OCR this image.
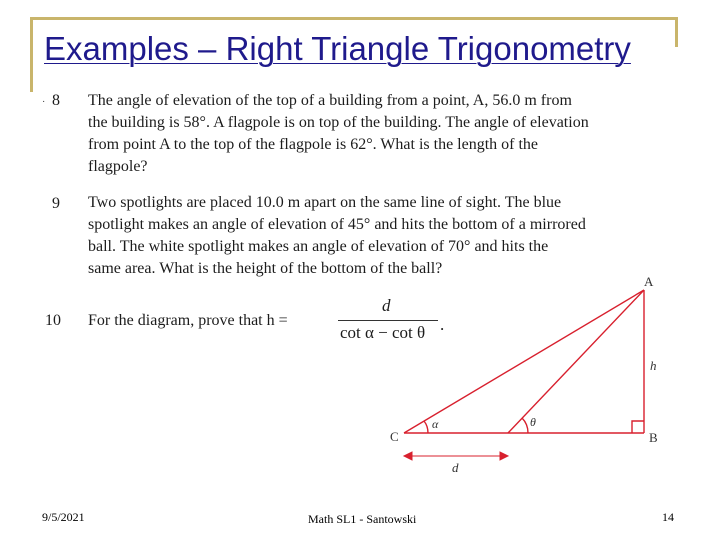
Examples – Right Triangle Trigonometry
· 8 The angle of elevation of the top of a building from a point, A, 56.0 m from
the building is 58°. A flagpole is on top of the building. The angle of elevation
from point A to the top of the flagpole is 62°. What is the length of the
flagpole?
9 Two spotlights are placed 10.0 m apart on the same line of sight. The blue
spotlight makes an angle of elevation of 45° and hits the bottom of a mirrored
ball. The white spotlight makes an angle of elevation of 70° and hits the
same area. What is the height of the bottom of the ball?
10 For the diagram, prove that h =
d
cot α − cot θ .
A
B
C
h
α	θ
d
9/5/2021	Math SL1 - Santowski	14
